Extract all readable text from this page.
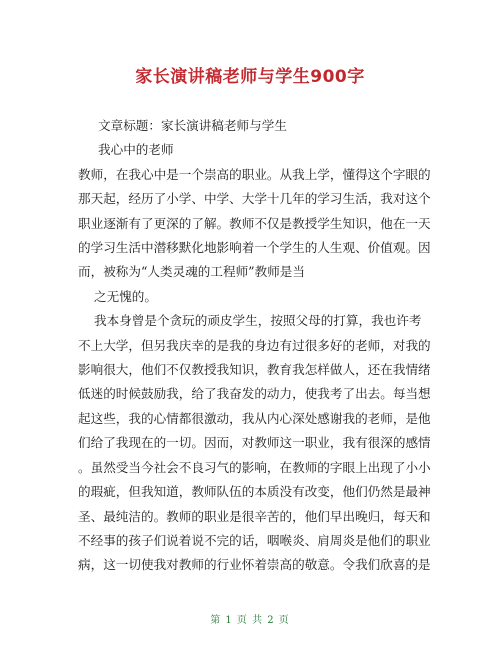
家长演讲稿老师与学生900字
文章标题：家长演讲稿老师与学生
我心中的老师
教师，在我心中是一个崇高的职业。从我上学，懂得这个字眼的
那天起，经历了小学、中学、大学十几年的学习生活，我对这个
职业逐渐有了更深的了解。教师不仅是教授学生知识，他在一天
的学习生活中潜移默化地影响着一个学生的人生观、价值观。因
而，被称为“人类灵魂的工程师”教师是当
之无愧的。
我本身曾是个贪玩的顽皮学生，按照父母的打算，我也许考
不上大学，但另我庆幸的是我的身边有过很多好的老师，对我的
影响很大，他们不仅教授我知识，教育我怎样做人，还在我情绪
低迷的时候鼓励我，给了我奋发的动力，使我考了出去。每当想
起这些，我的心情都很激动，我从内心深处感谢我的老师，是他
们给了我现在的一切。因而，对教师这一职业，我有很深的感情
。虽然受当今社会不良习气的影响，在教师的字眼上出现了小小
的瑕疵，但我知道，教师队伍的本质没有改变，他们仍然是最神
圣、最纯洁的。教师的职业是很辛苦的，他们早出晚归，每天和
不经事的孩子们说着说不完的话，咽喉炎、肩周炎是他们的职业
病，这一切使我对教师的行业怀着崇高的敬意。令我们欣喜的是
第 1 页 共 2 页
